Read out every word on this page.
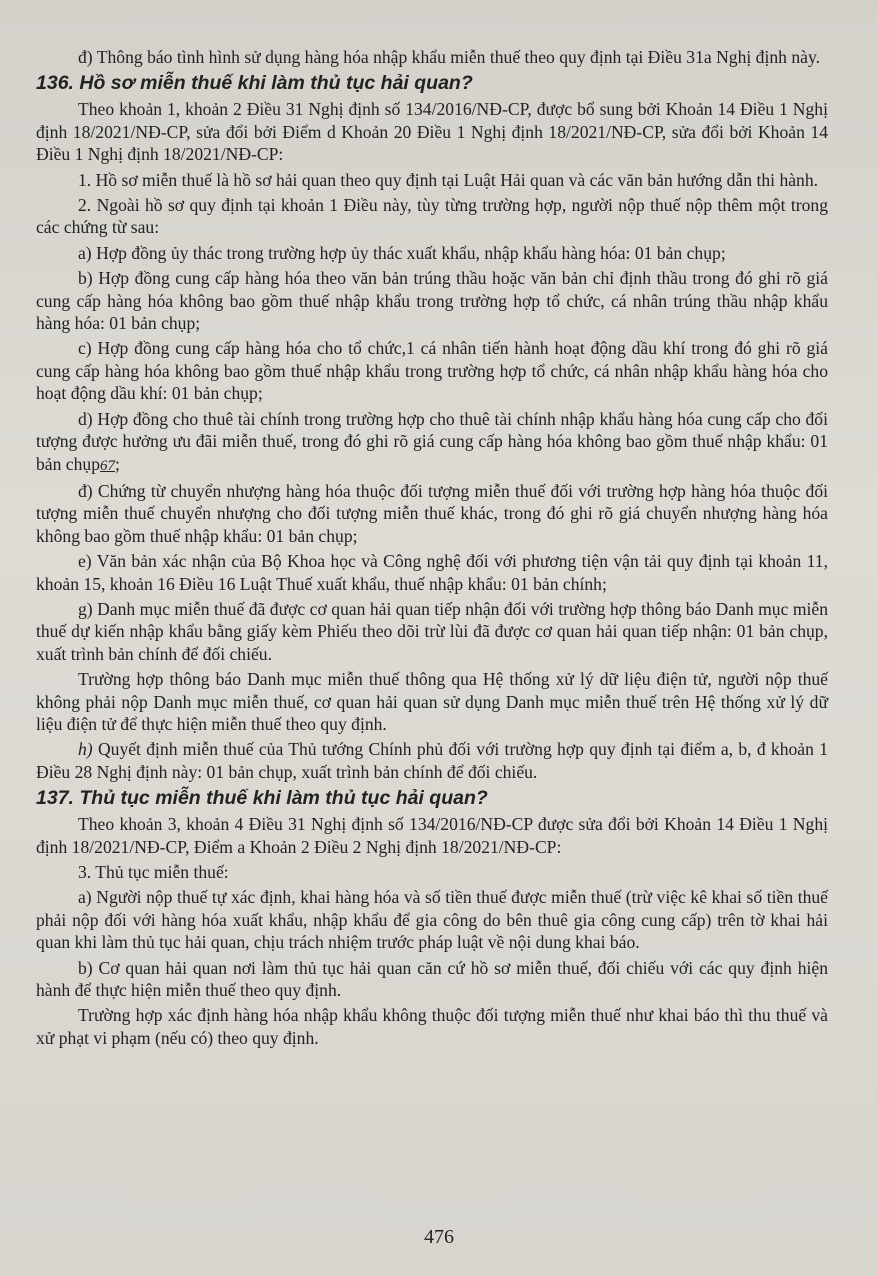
đ) Thông báo tình hình sử dụng hàng hóa nhập khẩu miễn thuế theo quy định tại Điều 31a Nghị định này.

136. Hồ sơ miễn thuế khi làm thủ tục hải quan?

Theo khoản 1, khoản 2 Điều 31 Nghị định số 134/2016/NĐ-CP, được bổ sung bởi Khoản 14 Điều 1 Nghị định 18/2021/NĐ-CP, sửa đổi bởi Điểm d Khoản 20 Điều 1 Nghị định 18/2021/NĐ-CP, sửa đổi bởi Khoản 14 Điều 1 Nghị định 18/2021/NĐ-CP:

1. Hồ sơ miễn thuế là hồ sơ hải quan theo quy định tại Luật Hải quan và các văn bản hướng dẫn thi hành.

2. Ngoài hồ sơ quy định tại khoản 1 Điều này, tùy từng trường hợp, người nộp thuế nộp thêm một trong các chứng từ sau:

a) Hợp đồng ủy thác trong trường hợp ủy thác xuất khẩu, nhập khẩu hàng hóa: 01 bản chụp;

b) Hợp đồng cung cấp hàng hóa theo văn bản trúng thầu hoặc văn bản chỉ định thầu trong đó ghi rõ giá cung cấp hàng hóa không bao gồm thuế nhập khẩu trong trường hợp tổ chức, cá nhân trúng thầu nhập khẩu hàng hóa: 01 bản chụp;

c) Hợp đồng cung cấp hàng hóa cho tổ chức,1 cá nhân tiến hành hoạt động dầu khí trong đó ghi rõ giá cung cấp hàng hóa không bao gồm thuế nhập khẩu trong trường hợp tổ chức, cá nhân nhập khẩu hàng hóa cho hoạt động dầu khí: 01 bản chụp;

d) Hợp đồng cho thuê tài chính trong trường hợp cho thuê tài chính nhập khẩu hàng hóa cung cấp cho đối tượng được hưởng ưu đãi miễn thuế, trong đó ghi rõ giá cung cấp hàng hóa không bao gồm thuế nhập khẩu: 01 bản chụp67;

đ) Chứng từ chuyển nhượng hàng hóa thuộc đối tượng miễn thuế đối với trường hợp hàng hóa thuộc đối tượng miễn thuế chuyển nhượng cho đối tượng miễn thuế khác, trong đó ghi rõ giá chuyển nhượng hàng hóa không bao gồm thuế nhập khẩu: 01 bản chụp;

e) Văn bản xác nhận của Bộ Khoa học và Công nghệ đối với phương tiện vận tải quy định tại khoản 11, khoản 15, khoản 16 Điều 16 Luật Thuế xuất khẩu, thuế nhập khẩu: 01 bản chính;

g) Danh mục miễn thuế đã được cơ quan hải quan tiếp nhận đối với trường hợp thông báo Danh mục miễn thuế dự kiến nhập khẩu bằng giấy kèm Phiếu theo dõi trừ lùi đã được cơ quan hải quan tiếp nhận: 01 bản chụp, xuất trình bản chính để đối chiếu.

Trường hợp thông báo Danh mục miễn thuế thông qua Hệ thống xử lý dữ liệu điện tử, người nộp thuế không phải nộp Danh mục miễn thuế, cơ quan hải quan sử dụng Danh mục miễn thuế trên Hệ thống xử lý dữ liệu điện tử để thực hiện miễn thuế theo quy định.

h) Quyết định miễn thuế của Thủ tướng Chính phủ đối với trường hợp quy định tại điểm a, b, đ khoản 1 Điều 28 Nghị định này: 01 bản chụp, xuất trình bản chính để đối chiếu.

137. Thủ tục miễn thuế khi làm thủ tục hải quan?

Theo khoản 3, khoản 4 Điều 31 Nghị định số 134/2016/NĐ-CP được sửa đổi bởi Khoản 14 Điều 1 Nghị định 18/2021/NĐ-CP, Điểm a Khoản 2 Điều 2 Nghị định 18/2021/NĐ-CP:

3. Thủ tục miễn thuế:

a) Người nộp thuế tự xác định, khai hàng hóa và số tiền thuế được miễn thuế (trừ việc kê khai số tiền thuế phải nộp đối với hàng hóa xuất khẩu, nhập khẩu để gia công do bên thuê gia công cung cấp) trên tờ khai hải quan khi làm thủ tục hải quan, chịu trách nhiệm trước pháp luật về nội dung khai báo.

b) Cơ quan hải quan nơi làm thủ tục hải quan căn cứ hồ sơ miễn thuế, đối chiếu với các quy định hiện hành để thực hiện miễn thuế theo quy định.

Trường hợp xác định hàng hóa nhập khẩu không thuộc đối tượng miễn thuế như khai báo thì thu thuế và xử phạt vi phạm (nếu có) theo quy định.

476
